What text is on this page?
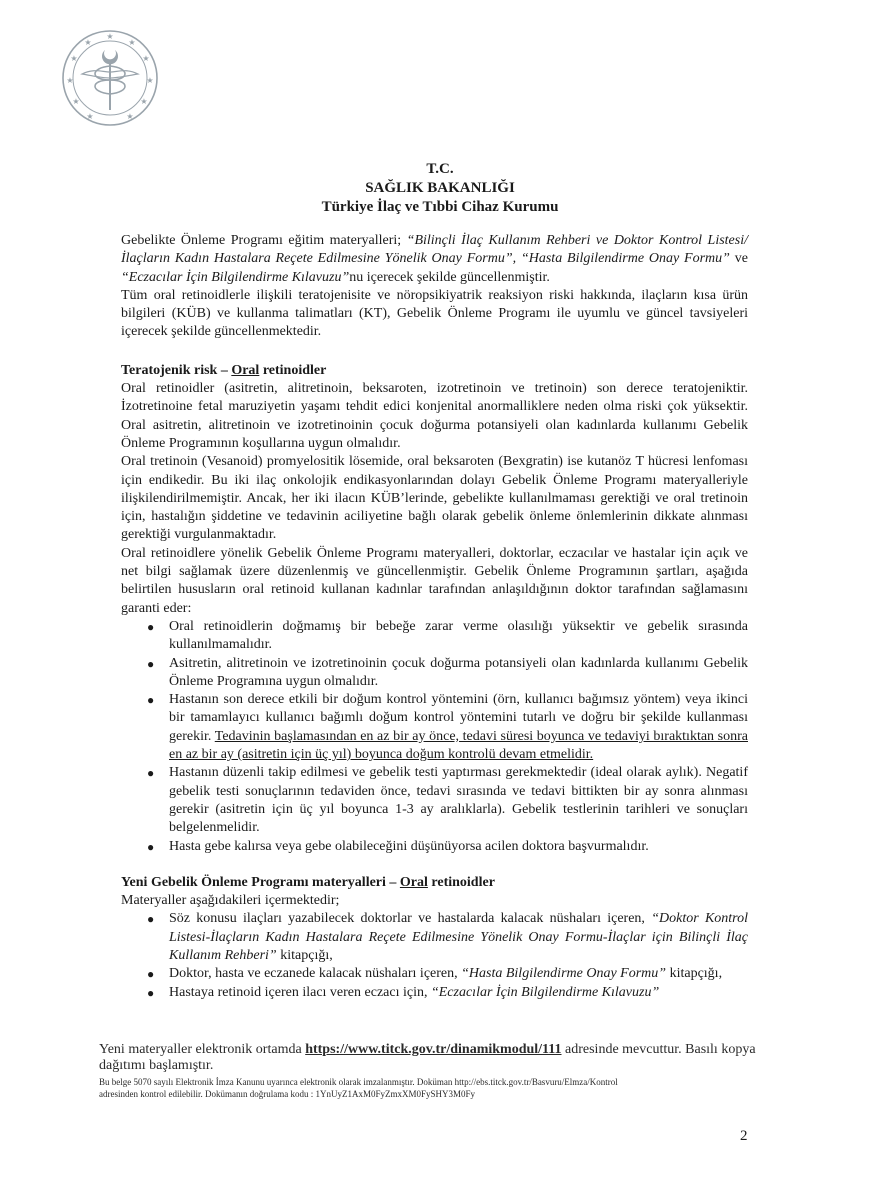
★
★
★
★
★
★
★
★
★
★
★
T.C.
SAĞLIK BAKANLIĞI
Türkiye İlaç ve Tıbbi Cihaz Kurumu

Gebelikte Önleme Programı eğitim materyalleri; “Bilinçli İlaç Kullanım Rehberi ve Doktor Kontrol Listesi/İlaçların Kadın Hastalara Reçete Edilmesine Yönelik Onay Formu”, “Hasta Bilgilendirme Onay Formu” ve “Eczacılar İçin Bilgilendirme Kılavuzu”nu içerecek şekilde güncellenmiştir.

Tüm oral retinoidlerle ilişkili teratojenisite ve nöropsikiyatrik reaksiyon riski hakkında, ilaçların kısa ürün bilgileri (KÜB) ve kullanma talimatları (KT), Gebelik Önleme Programı ile uyumlu ve güncel tavsiyeleri içerecek şekilde güncellenmektedir.

Teratojenik risk – Oral retinoidler

Oral retinoidler (asitretin, alitretinoin, beksaroten, izotretinoin ve tretinoin) son derece teratojeniktir. İzotretinoine fetal maruziyetin yaşamı tehdit edici konjenital anormalliklere neden olma riski çok yüksektir. Oral asitretin, alitretinoin ve izotretinoinin çocuk doğurma potansiyeli olan kadınlarda kullanımı Gebelik Önleme Programının koşullarına uygun olmalıdır.

Oral tretinoin (Vesanoid) promyelositik lösemide, oral beksaroten (Bexgratin) ise kutanöz T hücresi lenfoması için endikedir. Bu iki ilaç onkolojik endikasyonlarından dolayı Gebelik Önleme Programı materyalleriyle ilişkilendirilmemiştir. Ancak, her iki ilacın KÜB’lerinde, gebelikte kullanılmaması gerektiği ve oral tretinoin için, hastalığın şiddetine ve tedavinin aciliyetine bağlı olarak gebelik önleme önlemlerinin dikkate alınması gerektiği vurgulanmaktadır.

Oral retinoidlere yönelik Gebelik Önleme Programı materyalleri, doktorlar, eczacılar ve hastalar için açık ve net bilgi sağlamak üzere düzenlenmiş ve güncellenmiştir. Gebelik Önleme Programının şartları, aşağıda belirtilen hususların oral retinoid kullanan kadınlar tarafından anlaşıldığının doktor tarafından sağlamasını garanti eder:

● Oral retinoidlerin doğmamış bir bebeğe zarar verme olasılığı yüksektir ve gebelik sırasında kullanılmamalıdır.
● Asitretin, alitretinoin ve izotretinoinin çocuk doğurma potansiyeli olan kadınlarda kullanımı Gebelik Önleme Programına uygun olmalıdır.
● Hastanın son derece etkili bir doğum kontrol yöntemini (örn, kullanıcı bağımsız yöntem) veya ikinci bir tamamlayıcı kullanıcı bağımlı doğum kontrol yöntemini tutarlı ve doğru bir şekilde kullanması gerekir. Tedavinin başlamasından en az bir ay önce, tedavi süresi boyunca ve tedaviyi bıraktıktan sonra en az bir ay (asitretin için üç yıl) boyunca doğum kontrolü devam etmelidir.
● Hastanın düzenli takip edilmesi ve gebelik testi yaptırması gerekmektedir (ideal olarak aylık). Negatif gebelik testi sonuçlarının tedaviden önce, tedavi sırasında ve tedavi bittikten bir ay sonra alınması gerekir (asitretin için üç yıl boyunca 1-3 ay aralıklarla). Gebelik testlerinin tarihleri ve sonuçları belgelenmelidir.
● Hasta gebe kalırsa veya gebe olabileceğini düşünüyorsa acilen doktora başvurmalıdır.
Yeni Gebelik Önleme Programı materyalleri – Oral retinoidler

Materyaller aşağıdakileri içermektedir;

● Söz konusu ilaçları yazabilecek doktorlar ve hastalarda kalacak nüshaları içeren, “Doktor Kontrol Listesi-İlaçların Kadın Hastalara Reçete Edilmesine Yönelik Onay Formu-İlaçlar için Bilinçli İlaç Kullanım Rehberi” kitapçığı,
● Doktor, hasta ve eczanede kalacak nüshaları içeren, “Hasta Bilgilendirme Onay Formu” kitapçığı,
● Hastaya retinoid içeren ilacı veren eczacı için, “Eczacılar İçin Bilgilendirme Kılavuzu”
Yeni materyaller elektronik ortamda https://www.titck.gov.tr/dinamikmodul/111 adresinde mevcuttur. Basılı kopya dağıtımı başlamıştır.
Bu belge 5070 sayılı Elektronik İmza Kanunu uyarınca elektronik olarak imzalanmıştır. Doküman http://ebs.titck.gov.tr/Basvuru/Elmza/Kontrol
adresinden kontrol edilebilir. Dokümanın doğrulama kodu : 1YnUyZ1AxM0FyZmxXM0FySHY3M0Fy
2
